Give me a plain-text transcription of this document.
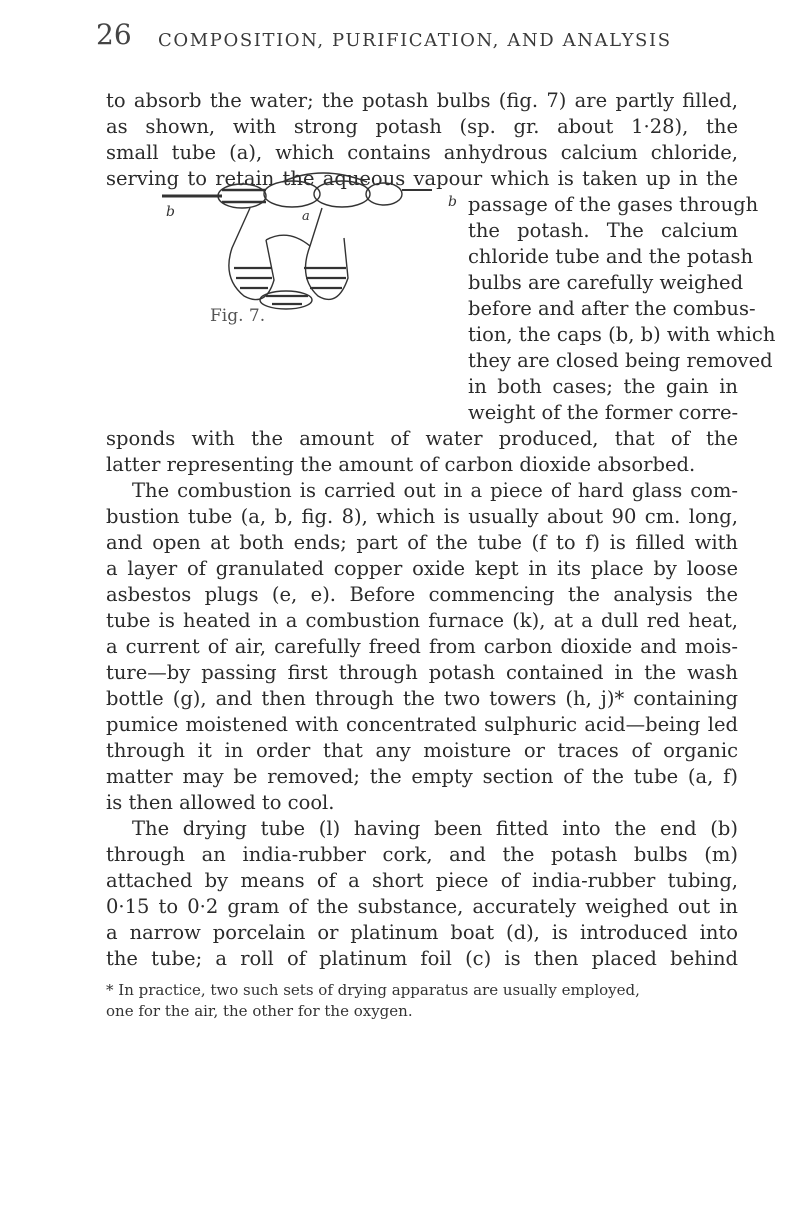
26 COMPOSITION, PURIFICATION, AND ANALYSIS
to absorb the water; the potash bulbs (fig. 7) are partly filled,
as shown, with strong potash (sp. gr. about 1·28), the
small tube (a), which contains anhydrous calcium chloride,
serving to retain the aqueous vapour which is taken up in the
passage of the gases through
the potash. The calcium
chloride tube and the potash
bulbs are carefully weighed
before and after the combus-
tion, the caps (b, b) with which
they are closed being removed
in both cases; the gain in
weight of the former corre-
sponds with the amount of water produced, that of the
latter representing the amount of carbon dioxide absorbed.
The combustion is carried out in a piece of hard glass com-
bustion tube (a, b, fig. 8), which is usually about 90 cm. long,
and open at both ends; part of the tube (f to f) is filled with
a layer of granulated copper oxide kept in its place by loose
asbestos plugs (e, e). Before commencing the analysis the
tube is heated in a combustion furnace (k), at a dull red heat,
a current of air, carefully freed from carbon dioxide and mois-
ture—by passing first through potash contained in the wash
bottle (g), and then through the two towers (h, j)* containing
pumice moistened with concentrated sulphuric acid—being led
through it in order that any moisture or traces of organic
matter may be removed; the empty section of the tube (a, f)
is then allowed to cool.
The drying tube (l) having been fitted into the end (b)
through an india-rubber cork, and the potash bulbs (m)
attached by means of a short piece of india-rubber tubing,
0·15 to 0·2 gram of the substance, accurately weighed out in
a narrow porcelain or platinum boat (d), is introduced into
the tube; a roll of platinum foil (c) is then placed behind
b
b
a
Fig. 7.
* In practice, two such sets of drying apparatus are usually employed,
one for the air, the other for the oxygen.
